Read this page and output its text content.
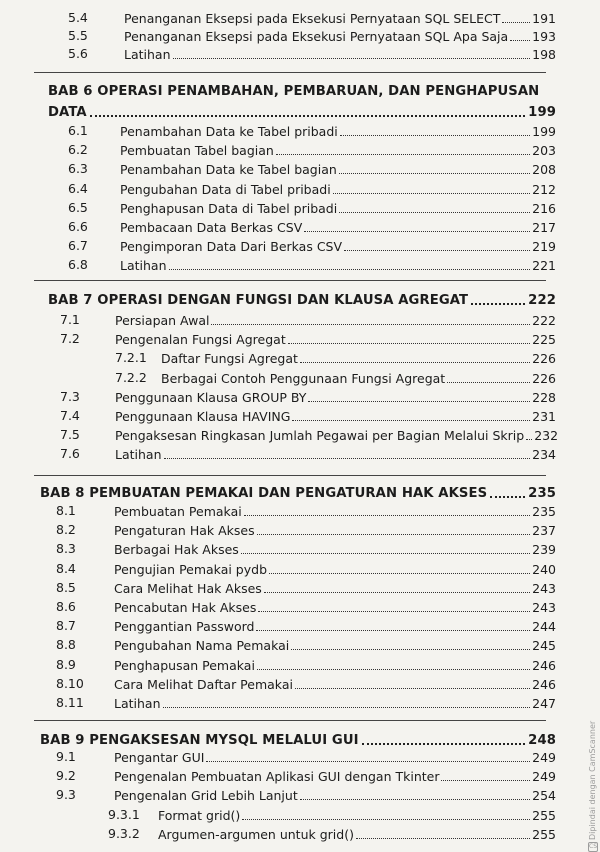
5.4	Penanganan Eksepsi pada Eksekusi Pernyataan SQL SELECT	191
5.5	Penanganan Eksepsi pada Eksekusi Pernyataan SQL Apa Saja 193
5.6	Latihan	198
BAB 6 OPERASI PENAMBAHAN, PEMBARUAN, DAN PENGHAPUSAN
DATA	199
6.1	Penambahan Data ke Tabel pribadi	199
6.2	Pembuatan Tabel bagian	203
6.3	Penambahan Data ke Tabel bagian	208
6.4	Pengubahan Data di Tabel pribadi	212
6.5	Penghapusan Data di Tabel pribadi	216
6.6	Pembacaan Data Berkas CSV	217
6.7	Pengimporan Data Dari Berkas CSV	219
6.8	Latihan	221
BAB 7 OPERASI DENGAN FUNGSI DAN KLAUSA AGREGAT	222
7.1	Persiapan Awal	222
7.2	Pengenalan Fungsi Agregat	225
7.2.1	Daftar Fungsi Agregat	226
7.2.2	Berbagai Contoh Penggunaan Fungsi Agregat	226
7.3	Penggunaan Klausa GROUP BY	228
7.4	Penggunaan Klausa HAVING	231
7.5	Pengaksesan Ringkasan Jumlah Pegawai per Bagian Melalui Skrip 232
7.6	Latihan	234
BAB 8 PEMBUATAN PEMAKAI DAN PENGATURAN HAK AKSES	235
8.1	Pembuatan Pemakai	235
8.2	Pengaturan Hak Akses	237
8.3	Berbagai Hak Akses	239
8.4	Pengujian Pemakai pydb	240
8.5	Cara Melihat Hak Akses	243
8.6	Pencabutan Hak Akses	243
8.7	Penggantian Password	244
8.8	Pengubahan Nama Pemakai	245
8.9	Penghapusan Pemakai	246
8.10	Cara Melihat Daftar Pemakai	246
8.11	Latihan	247
BAB 9 PENGAKSESAN MYSQL MELALUI GUI	248
9.1	Pengantar GUI	249
9.2	Pengenalan Pembuatan Aplikasi GUI dengan Tkinter	249
9.3	Pengenalan Grid Lebih Lanjut	254
9.3.1	Format grid()	255
9.3.2	Argumen-argumen untuk grid()	255	Dipindai dengan CamScanner
CS
